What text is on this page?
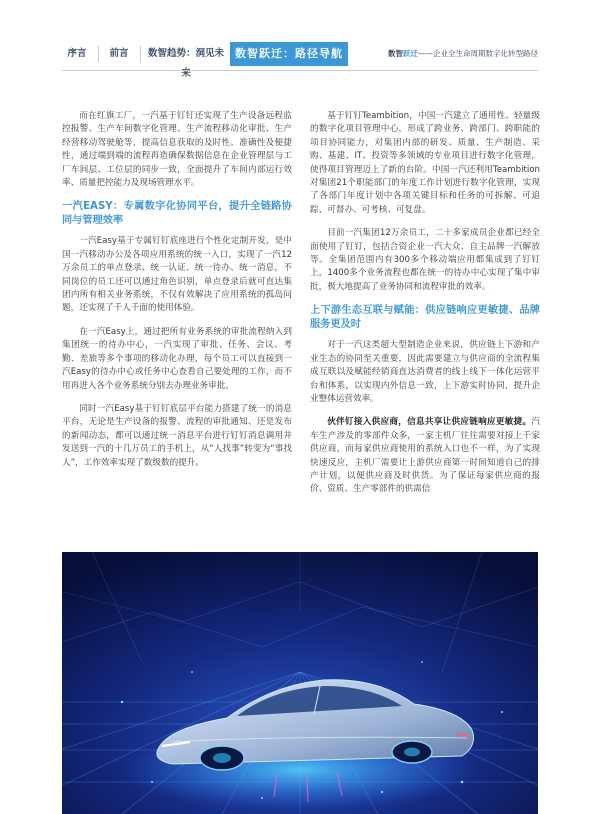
序言	前言	数智趋势：洞见未来
数智跃迁：路径导航	数智跃迁——企业全生命周期数字化转型路径

而在红旗工厂，一汽基于钉钉还实现了生产设备远程监控报警、生产车间数字化管理、生产流程移动化审批、生产经营移动驾驶舱等，提高信息获取的及时性、准确性及便捷性，通过端到端的流程再造确保数据信息在企业管理层与工厂车间层、工位层的同步一致，全面提升了车间内部运行效率、质量把控能力及现场管理水平。

一汽EASY：专属数字化协同平台，提升全链路协同与管理效率

一汽Easy基于专属钉钉底座进行个性化定制开发，是中国一汽移动办公及各项应用系统的统一入口，实现了一汽12万余员工的单点登录、统一认证、统一待办、统一消息，不同岗位的员工还可以通过角色识别，单点登录后就可直达集团内所有相关业务系统，不仅有效解决了应用系统的孤岛问题，还实现了千人千面的使用体验。

在一汽Easy上，通过把所有业务系统的审批流程纳入到集团统一的待办中心，一汽实现了审批、任务、会议、考勤、差旅等多个事项的移动化办理，每个员工可以直接到一汽Easy的待办中心或任务中心查看自己要处理的工作，而不用再进入各个业务系统分别去办理业务审批。

同时一汽Easy基于钉钉底层平台能力搭建了统一的消息平台，无论是生产设备的报警、流程的审批通知、还是发布的新闻动态，都可以通过统一消息平台进行钉钉消息调用并发送到一汽的十几万员工的手机上，从“人找事”转变为“事找人”，工作效率实现了数级数的提升。

基于钉钉Teambition，中国一汽建立了通用性、轻量级的数字化项目管理中心，形成了跨业务、跨部门、跨职能的项目协同能力，对集团内部的研发、质量、生产制造、采购、基建、IT、投资等多领域的专业项目进行数字化管理，使得项目管理迈上了新的台阶。中国一汽还利用Teambition对集团21个职能部门的年度工作计划进行数字化管理，实现了各部门年度计划中各项关键目标和任务的可拆解、可追踪、可督办、可考核、可复盘。

目前一汽集团12万余员工，二十多家成员企业都已经全面使用了钉钉，包括合资企业一汽大众、自主品牌一汽解放等。全集团范围内有300多个移动端应用都集成到了钉钉上，1400多个业务流程也都在统一的待办中心实现了集中审批，极大地提高了业务协同和流程审批的效率。

上下游生态互联与赋能：供应链响应更敏捷、品牌服务更及时

对于一汽这类超大型制造企业来说，供应链上下游和产业生态的协同至关重要，因此需要建立与供应商的全流程集成互联以及赋能经销商直达消费者的线上线下一体化运营平台和体系，以实现内外信息一致，上下游实时协同，提升企业整体运营效率。

伙伴钉接入供应商，信息共享让供应链响应更敏捷。汽车生产涉及的零部件众多，一家主机厂往往需要对接上千家供应商，而每家供应商使用的系统入口也不一样，为了实现快速反应，主机厂需要让上游供应商第一时间知道自己的排产计划，以便供应商及时供货。为了保证每家供应商的报价、资质、生产零部件的供需信
